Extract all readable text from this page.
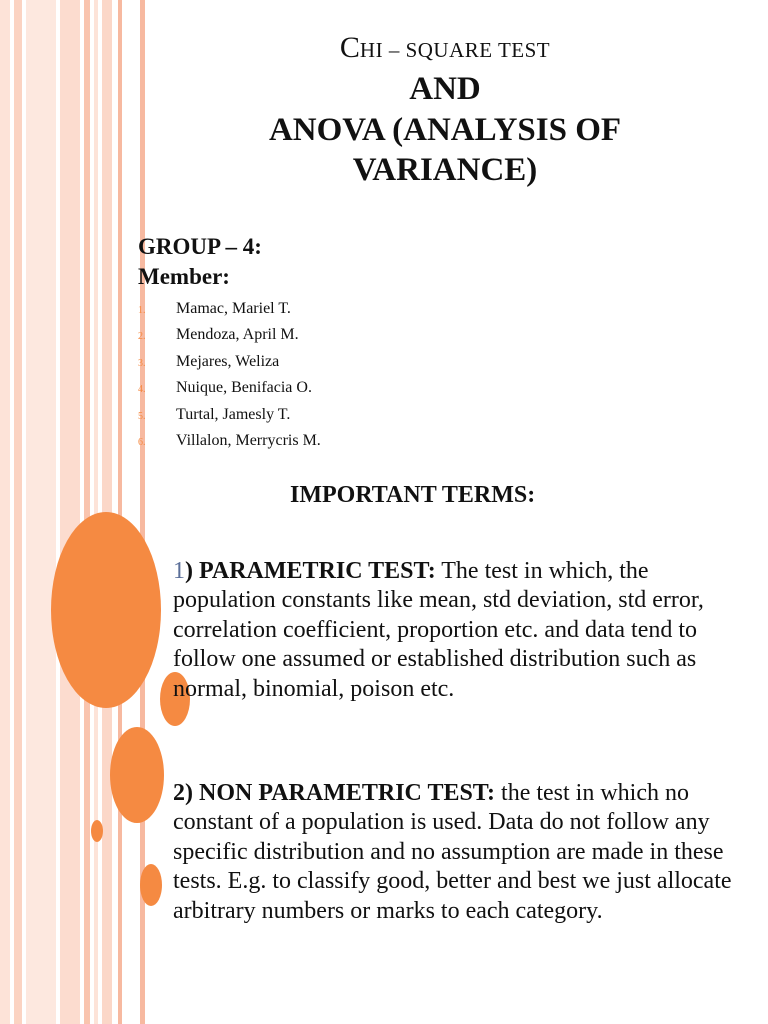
CHI – SQUARE TEST
AND
ANOVA (ANALYSIS OF
VARIANCE)
GROUP – 4:
Member:
1. Mamac, Mariel T.
2. Mendoza, April M.
3. Mejares, Weliza
4. Nuique, Benifacia O.
5. Turtal, Jamesly T.
6. Villalon, Merrycris M.
IMPORTANT TERMS:
1) PARAMETRIC TEST: The test in which, the population constants like mean, std deviation, std error, correlation coefficient, proportion etc. and data tend to follow one assumed or established distribution such as normal, binomial, poison etc.
2) NON PARAMETRIC TEST: the test in which no constant of a population is used. Data do not follow any specific distribution and no assumption are made in these tests. E.g. to classify good, better and best we just allocate arbitrary numbers or marks to each category.
